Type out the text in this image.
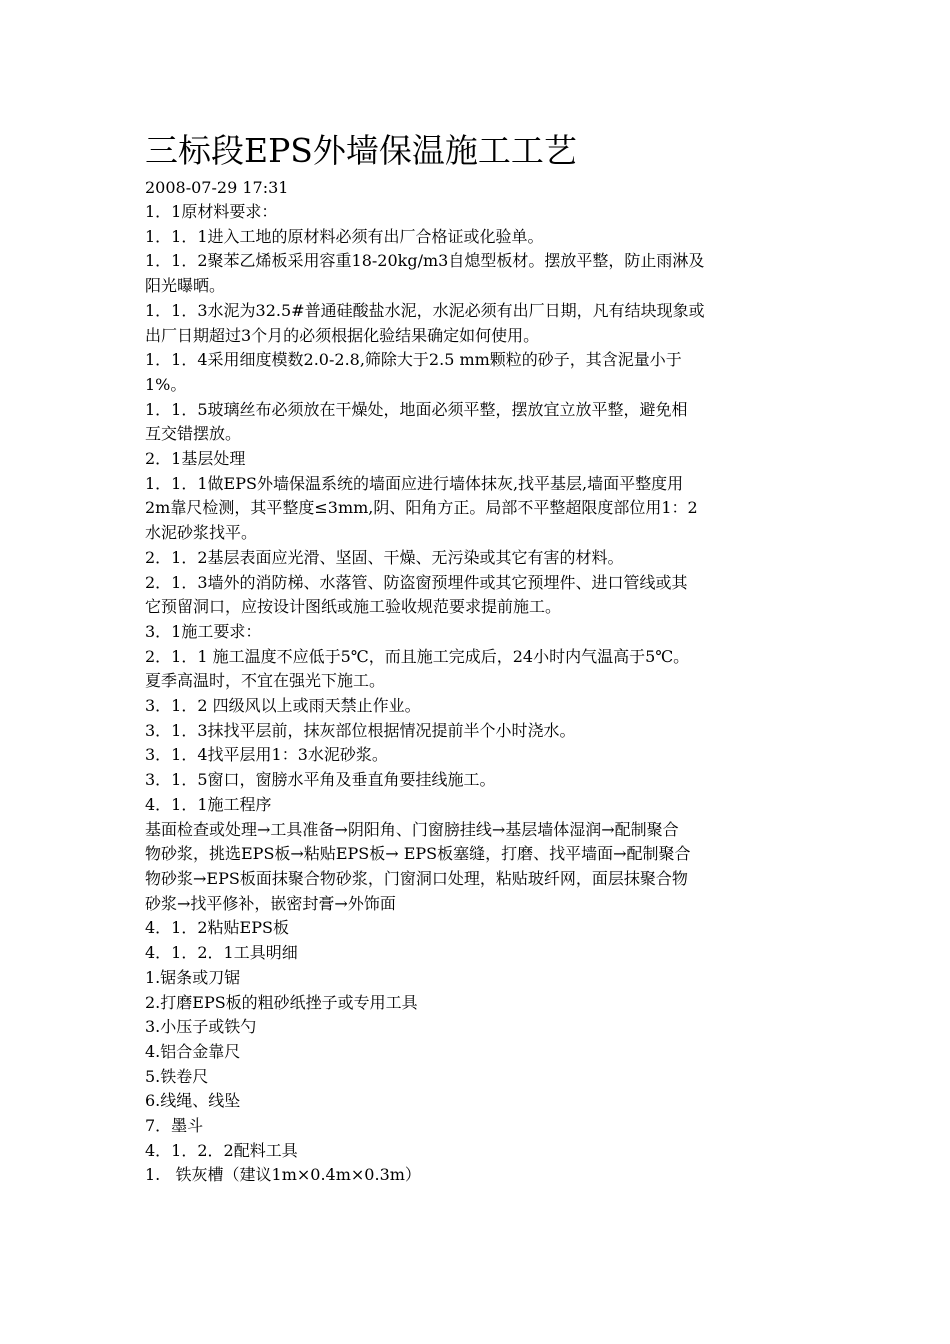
三标段EPS外墙保温施工工艺
2008-07-29 17:31

1．1原材料要求：

1．1．1进入工地的原材料必须有出厂合格证或化验单。

1．1．2聚苯乙烯板采用容重18-20kg/m3自熄型板材。摆放平整，防止雨淋及

阳光曝晒。

1．1．3水泥为32.5#普通硅酸盐水泥，水泥必须有出厂日期，凡有结块现象或

出厂日期超过3个月的必须根据化验结果确定如何使用。

1．1．4采用细度模数2.0-2.8,筛除大于2.5 mm颗粒的砂子，其含泥量小于

1%。

1．1．5玻璃丝布必须放在干燥处，地面必须平整，摆放宜立放平整，避免相

互交错摆放。

2．1基层处理

1．1．1做EPS外墙保温系统的墙面应进行墙体抹灰,找平基层,墙面平整度用

2m靠尺检测，其平整度≤3mm,阴、阳角方正。局部不平整超限度部位用1：2

水泥砂浆找平。

2．1．2基层表面应光滑、坚固、干燥、无污染或其它有害的材料。

2．1．3墙外的消防梯、水落管、防盗窗预埋件或其它预埋件、进口管线或其

它预留洞口，应按设计图纸或施工验收规范要求提前施工。

3．1施工要求：

2．1．1 施工温度不应低于5℃，而且施工完成后，24小时内气温高于5℃。

夏季高温时，不宜在强光下施工。

3．1．2 四级风以上或雨天禁止作业。

3．1．3抹找平层前，抹灰部位根据情况提前半个小时浇水。

3．1．4找平层用1：3水泥砂浆。

3．1．5窗口，窗膀水平角及垂直角要挂线施工。

4．1．1施工程序

基面检查或处理→工具准备→阴阳角、门窗膀挂线→基层墙体湿润→配制聚合

物砂浆，挑选EPS板→粘贴EPS板→ EPS板塞缝，打磨、找平墙面→配制聚合

物砂浆→EPS板面抹聚合物砂浆，门窗洞口处理，粘贴玻纤网，面层抹聚合物

砂浆→找平修补，嵌密封膏→外饰面

4．1．2粘贴EPS板

4．1．2．1工具明细

1.锯条或刀锯

2.打磨EPS板的粗砂纸挫子或专用工具

3.小压子或铁勺

4.铝合金靠尺

5.铁卷尺

6.线绳、线坠

7．墨斗

4．1．2．2配料工具

1.   铁灰槽（建议1m×0.4m×0.3m）
